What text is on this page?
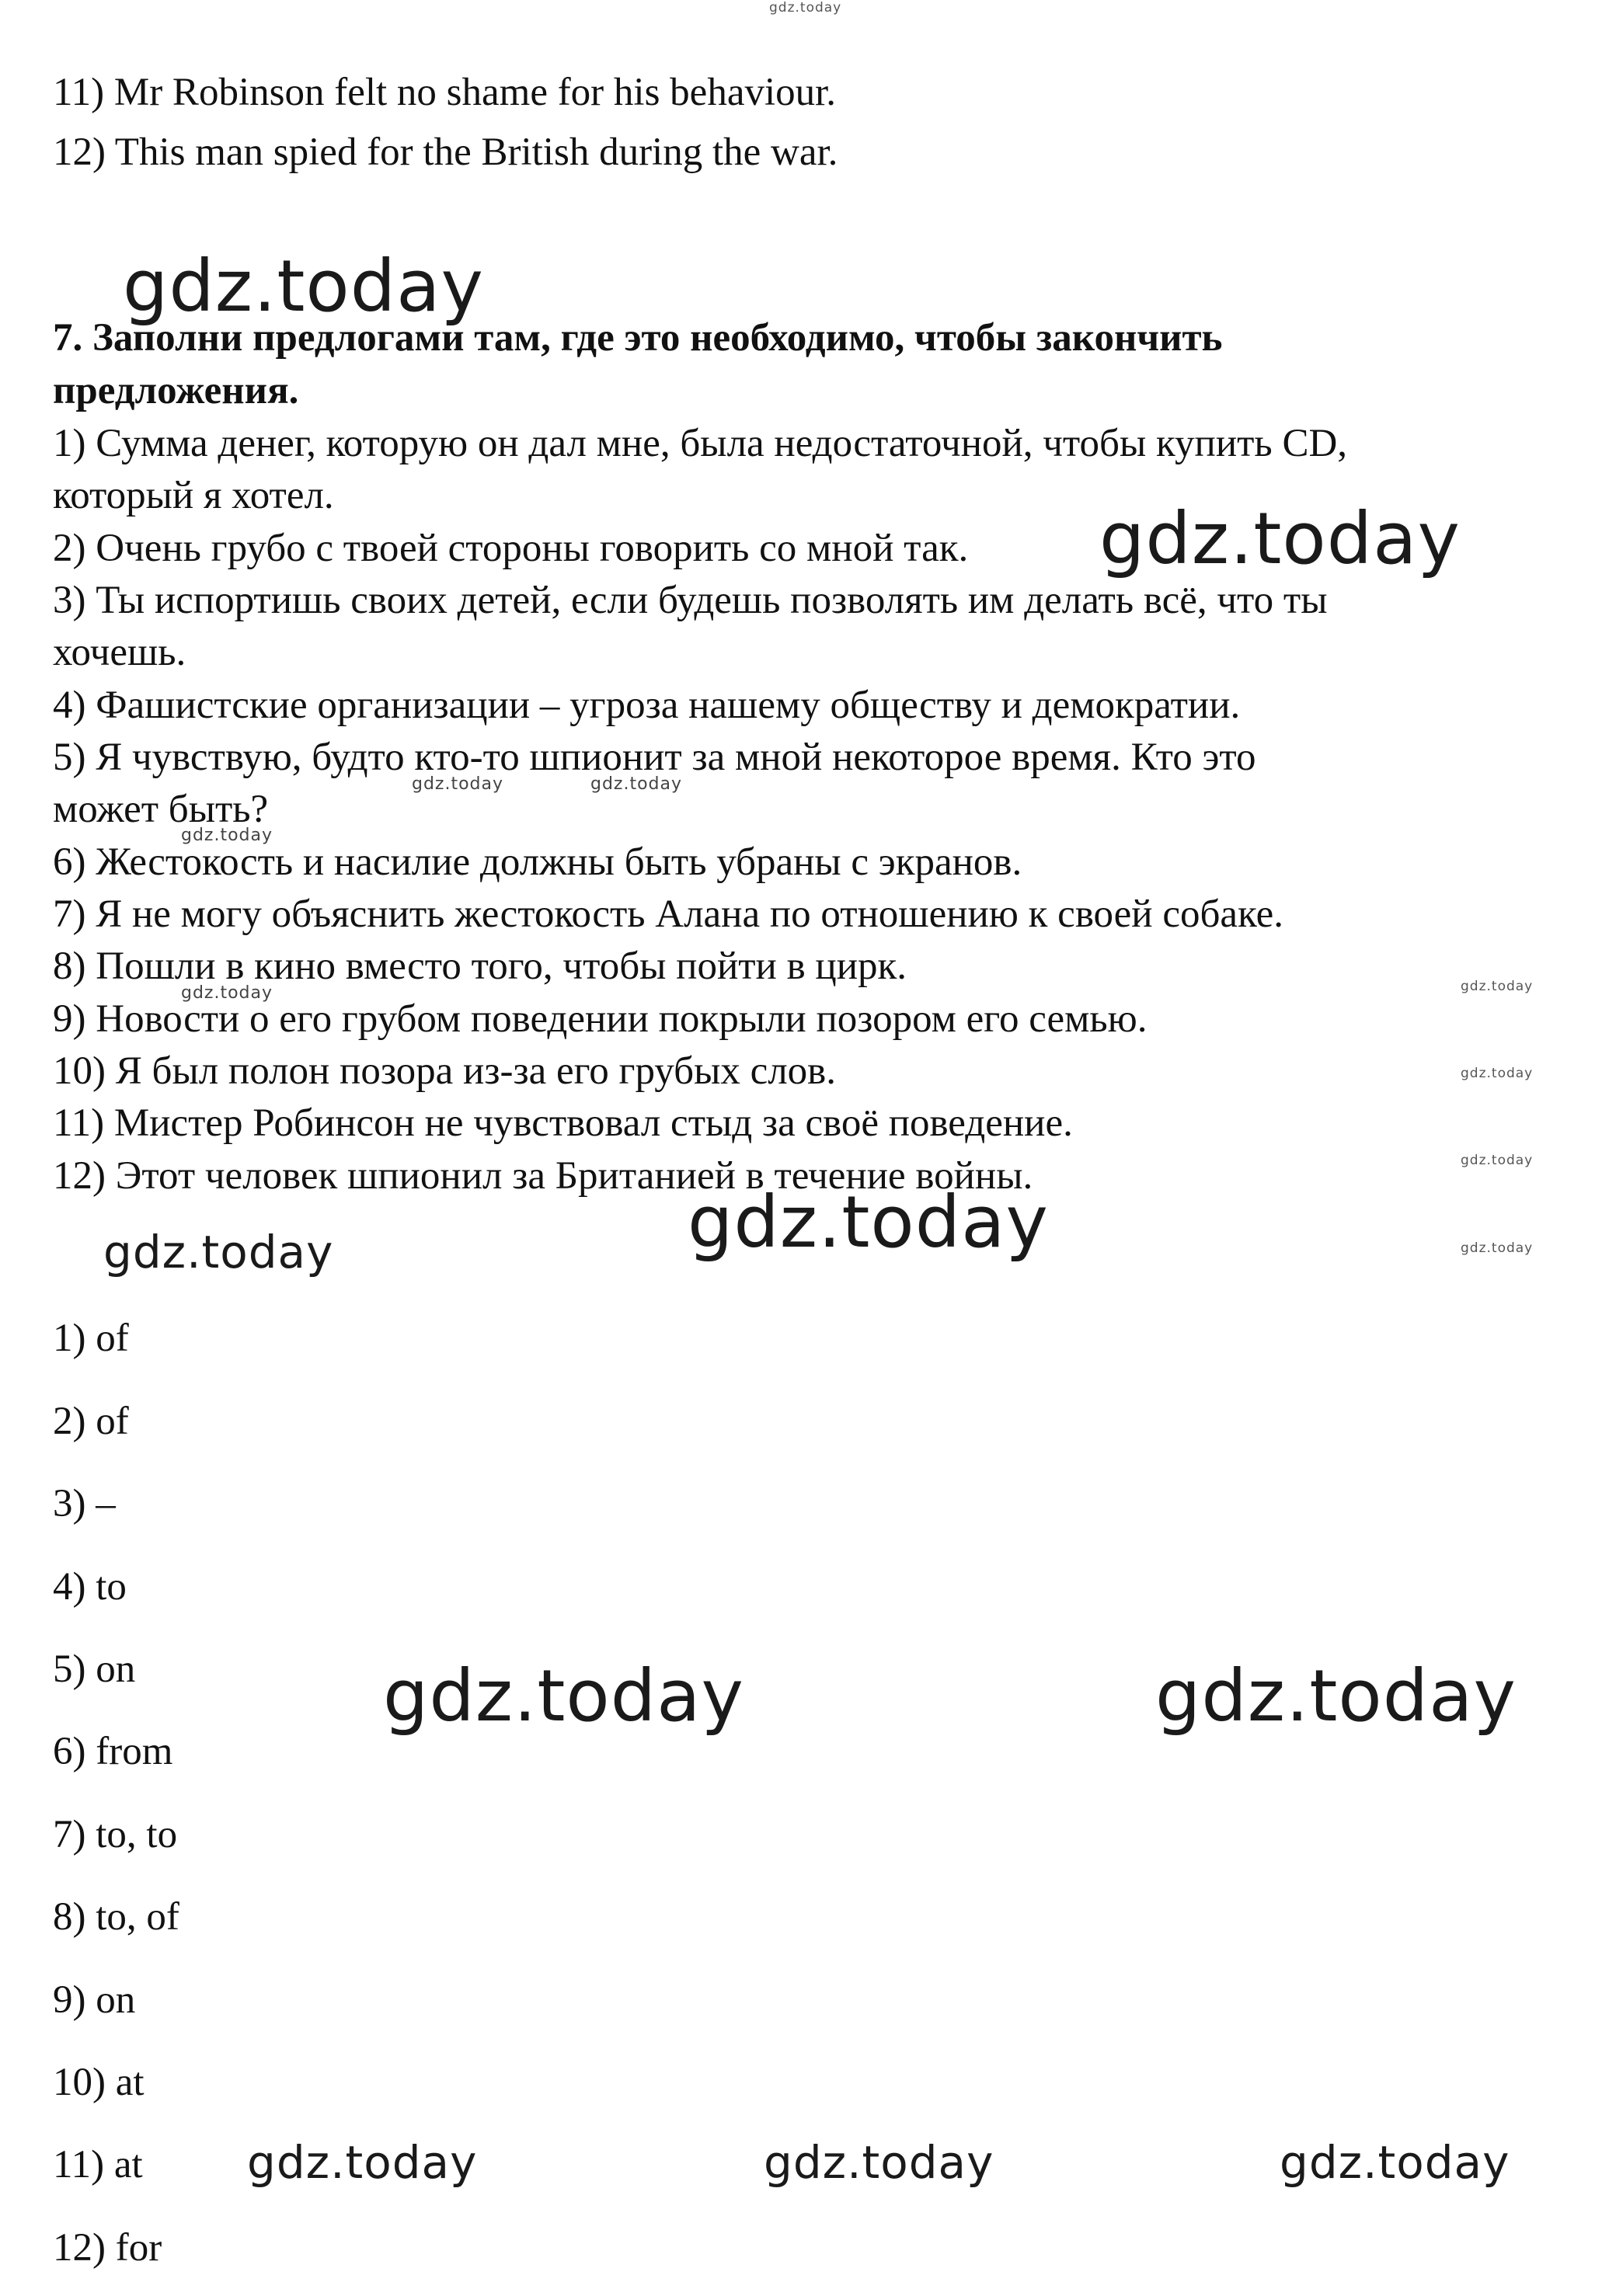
gdz.today

11) Mr Robinson felt no shame for his behaviour.

12) This man spied for the British during the war.

gdz.today

7. Заполни предлогами там, где это необходимо, чтобы закончить

предложения.

1) Сумма денег, которую он дал мне, была недостаточной, чтобы купить CD,

который я хотел.

2) Очень грубо с твоей стороны говорить со мной так.

3) Ты испортишь своих детей, если будешь позволять им делать всё, что ты

хочешь.

4) Фашистские организации – угроза нашему обществу и демократии.

5) Я чувствую, будто кто-то шпионит за мной некоторое время. Кто это

может быть?

6) Жестокость и насилие должны быть убраны с экранов.

7) Я не могу объяснить жестокость Алана по отношению к своей собаке.

8) Пошли в кино вместо того, чтобы пойти в цирк.

9) Новости о его грубом поведении покрыли позором его семью.

10) Я был полон позора из-за его грубых слов.

11) Мистер Робинсон не чувствовал стыд за своё поведение.

12) Этот человек шпионил за Британией в течение войны.

gdz.today
gdz.today	gdz.today
gdz.today
gdz.today	gdz.today
gdz.today
gdz.today
gdz.today
gdz.today
gdz.today

1) of

2) of

3) –

4) to

5) on

6) from

7) to, to

8) to, of

9) on

10) at

11) at

12) for

gdz.today	gdz.today
gdz.today	gdz.today	gdz.today
